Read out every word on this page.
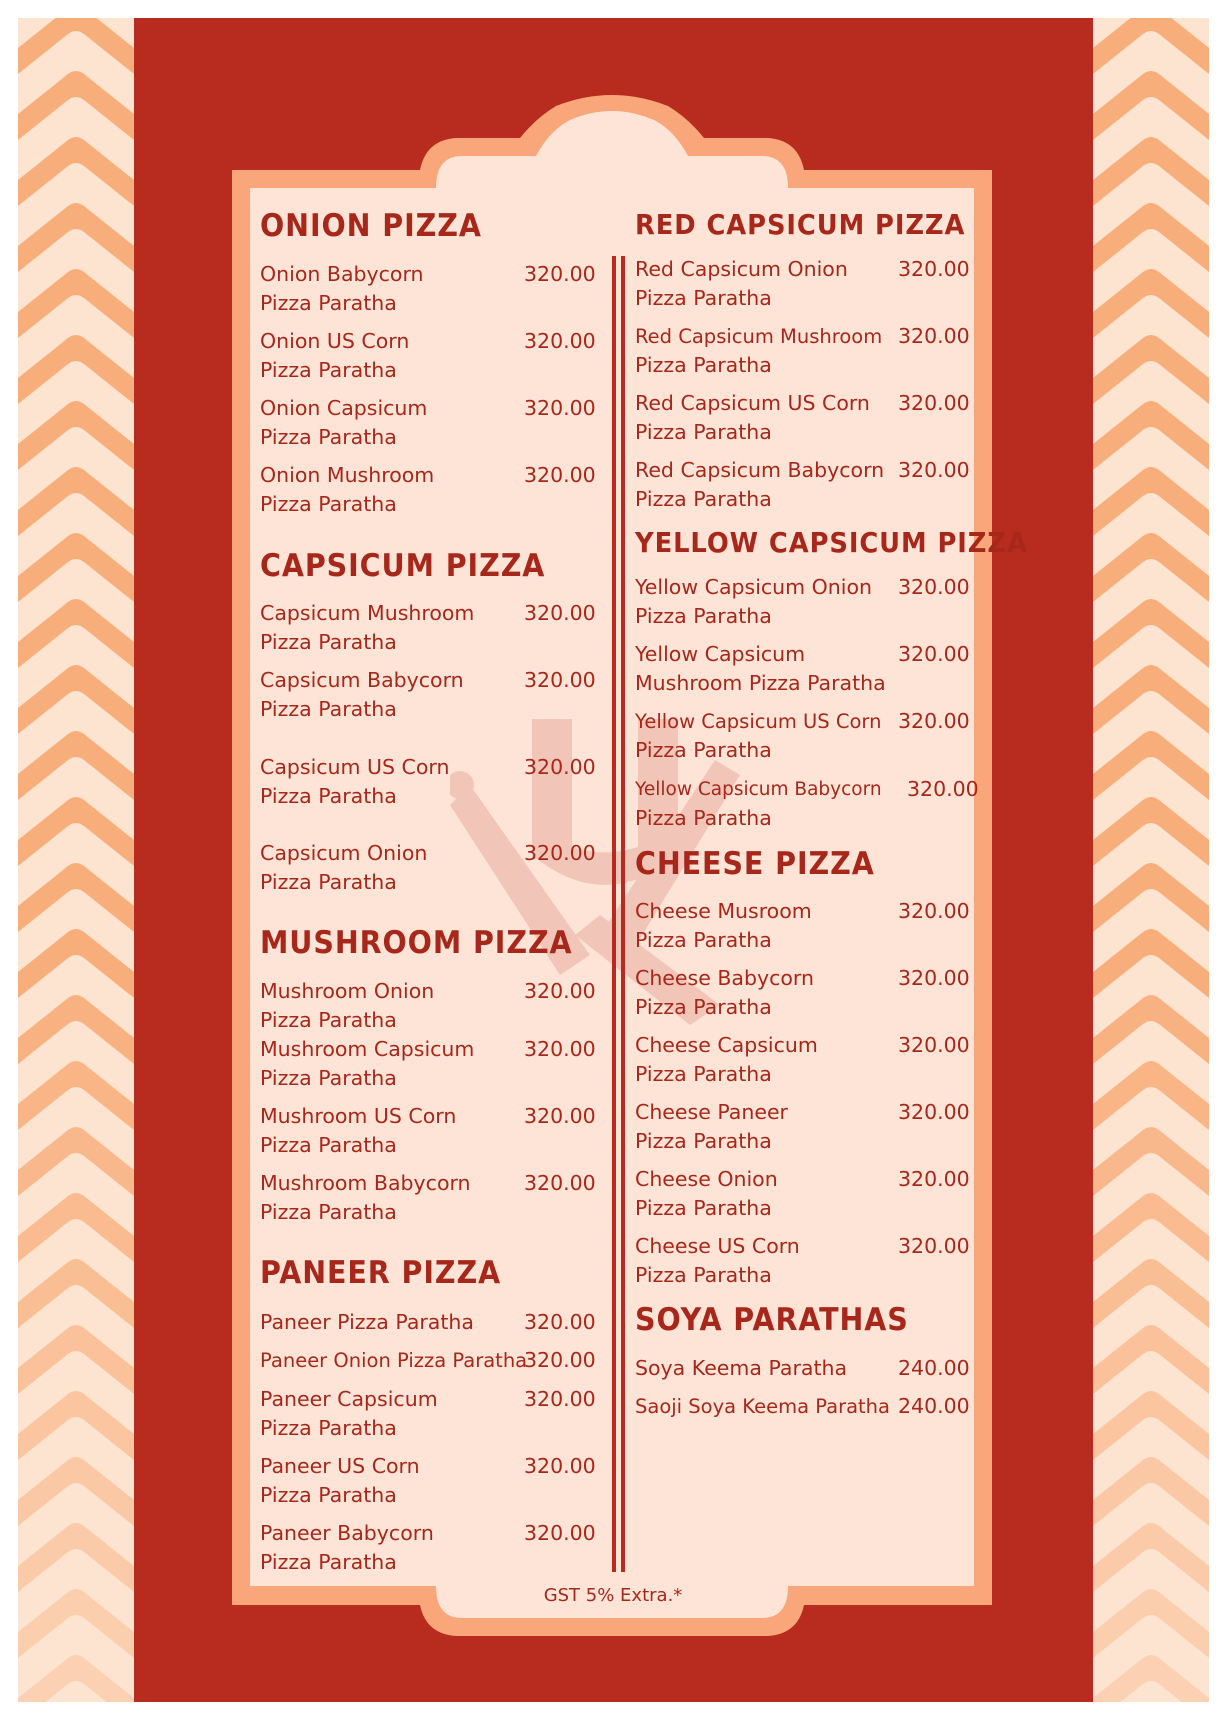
ONION PIZZA
Onion Babycorn
Pizza Paratha
320.00
Onion US Corn
Pizza Paratha
320.00
Onion Capsicum
Pizza Paratha
320.00
Onion Mushroom
Pizza Paratha
320.00
CAPSICUM PIZZA
Capsicum Mushroom
Pizza Paratha
320.00
Capsicum Babycorn
Pizza Paratha
320.00
Capsicum US Corn
Pizza Paratha
320.00
Capsicum Onion
Pizza Paratha
320.00
MUSHROOM PIZZA
Mushroom Onion
Pizza Paratha
320.00
Mushroom Capsicum
Pizza Paratha
320.00
Mushroom US Corn
Pizza Paratha
320.00
Mushroom Babycorn
Pizza Paratha
320.00
PANEER PIZZA
Paneer Pizza Paratha	320.00
Paneer Onion Pizza Paratha
320.00
Paneer Capsicum
Pizza Paratha
320.00
Paneer US Corn
Pizza Paratha
320.00
Paneer Babycorn
Pizza Paratha
320.00
RED CAPSICUM PIZZA
Red Capsicum Onion
Pizza Paratha
320.00
Red Capsicum Mushroom
Pizza Paratha
320.00
Red Capsicum US Corn
Pizza Paratha
320.00
Red Capsicum Babycorn
Pizza Paratha
320.00
YELLOW CAPSICUM PIZZA
Yellow Capsicum Onion
Pizza Paratha
320.00
Yellow Capsicum
Mushroom Pizza Paratha
320.00
Yellow Capsicum US Corn
Pizza Paratha
320.00
Yellow Capsicum Babycorn
Pizza Paratha
320.00
CHEESE PIZZA
Cheese Musroom
Pizza Paratha
320.00
Cheese Babycorn
Pizza Paratha
320.00
Cheese Capsicum
Pizza Paratha
320.00
Cheese Paneer
Pizza Paratha
320.00
Cheese Onion
Pizza Paratha
320.00
Cheese US Corn
Pizza Paratha
320.00
SOYA PARATHAS
Soya Keema Paratha	240.00
Saoji Soya Keema Paratha 240.00
GST 5% Extra.*
